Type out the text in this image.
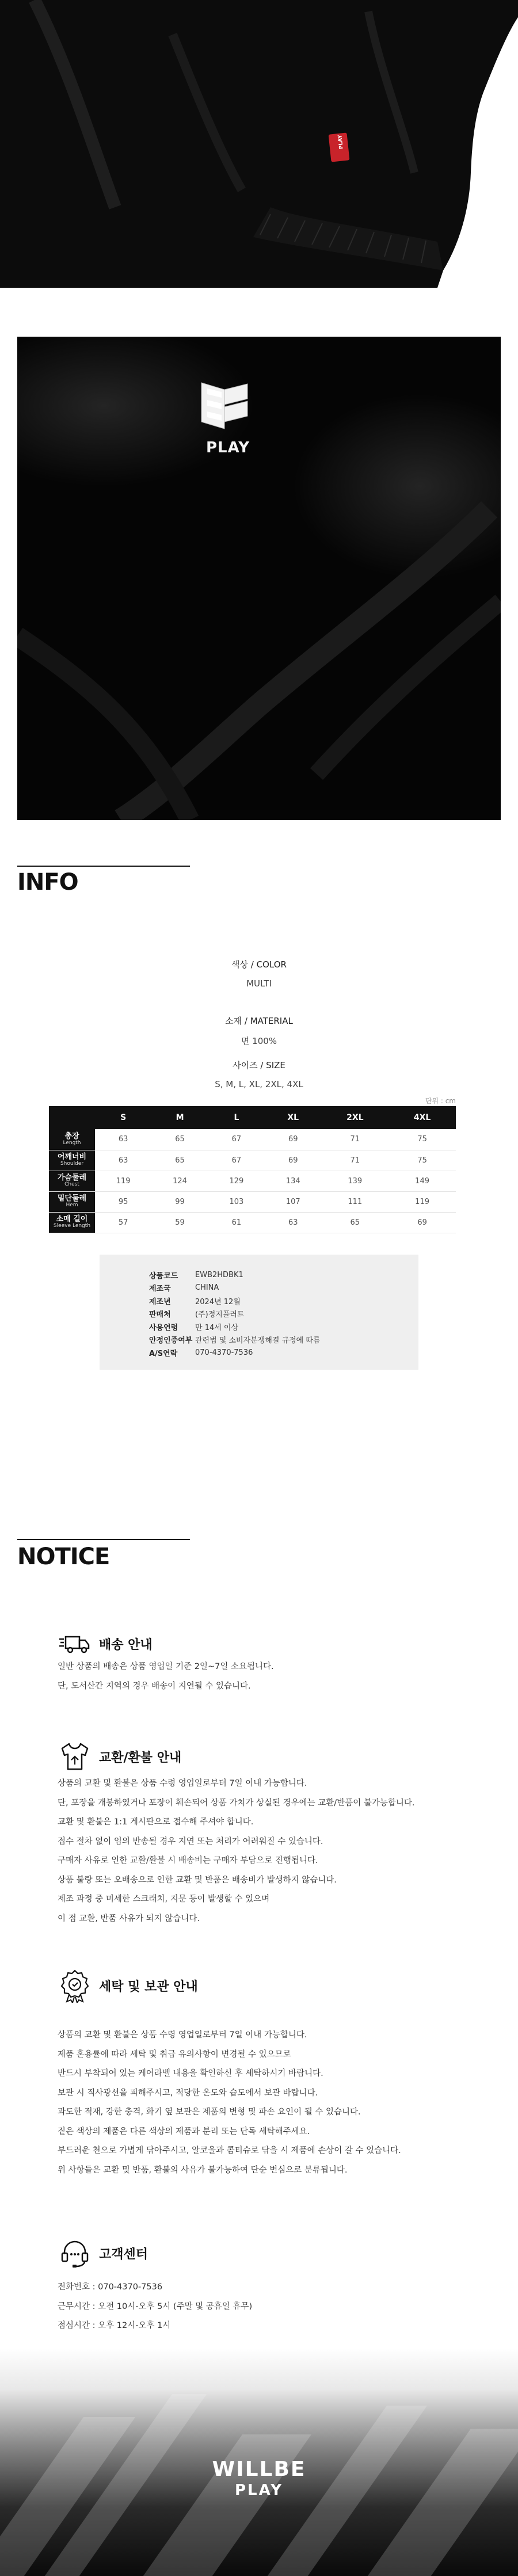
PLAY
PLAY
INFO
색상 / COLOR
MULTI
소재 / MATERIAL
면 100%
사이즈 / SIZE
S, M, L, XL, 2XL, 4XL
단위 : cm
	S	M	L	XL	2XL	4XL

총장
Length	63	65	67	69	71	75

어깨너비
Shoulder	63	65	67	69	71	75

가슴둘레
Chest	119	124	129	134	139	149

밑단둘레
Hem	95	99	103	107	111	119

소매 길이
Sleeve Length	57	59	61	63	65	69
상품코드	EWB2HDBK1
제조국	CHINA
제조년	2024년 12월
판매처	(주)정지플러트
사용연령	만 14세 이상
안정인증여부 관련법 및 소비자분쟁해결 규정에 따름
A/S연락	070-4370-7536
NOTICE
배송 안내
일반 상품의 배송은 상품 영업일 기준 2일~7일 소요됩니다.
단, 도서산간 지역의 경우 배송이 지연될 수 있습니다.
교환/환불 안내
상품의 교환 및 환불은 상품 수령 영업일로부터 7일 이내 가능합니다.
단, 포장을 개봉하였거나 포장이 훼손되어 상품 가치가 상실된 경우에는 교환/반품이 불가능합니다.
교환 및 환불은 1:1 게시판으로 접수해 주셔야 합니다.
접수 절차 없이 임의 반송될 경우 지연 또는 처리가 어려워질 수 있습니다.
구매자 사유로 인한 교환/환불 시 배송비는 구매자 부담으로 진행됩니다.
상품 불량 또는 오배송으로 인한 교환 및 반품은 배송비가 발생하지 않습니다.
제조 과정 중 미세한 스크래치, 지문 등이 발생할 수 있으며
이 점 교환, 반품 사유가 되지 않습니다.
세탁 및 보관 안내
상품의 교환 및 환불은 상품 수령 영업일로부터 7일 이내 가능합니다.
제품 혼용률에 따라 세탁 및 취급 유의사항이 변경될 수 있으므로
반드시 부착되어 있는 케어라벨 내용을 확인하신 후 세탁하시기 바랍니다.
보관 시 직사광선을 피해주시고, 적당한 온도와 습도에서 보관 바랍니다.
과도한 적재, 강한 충격, 화기 옆 보관은 제품의 변형 및 파손 요인이 될 수 있습니다.
짙은 색상의 제품은 다른 색상의 제품과 분리 또는 단독 세탁해주세요.
부드러운 천으로 가볍게 닦아주시고, 알코올과 콤티슈로 닦을 시 제품에 손상이 갈 수 있습니다.
위 사항들은 교환 및 반품, 환불의 사유가 불가능하여 단순 변심으로 분류됩니다.
고객센터
전화번호 : 070-4370-7536
근무시간 : 오전 10시-오후 5시 (주말 및 공휴일 휴무)
점심시간 : 오후 12시-오후 1시
WILLBE
PLAY
